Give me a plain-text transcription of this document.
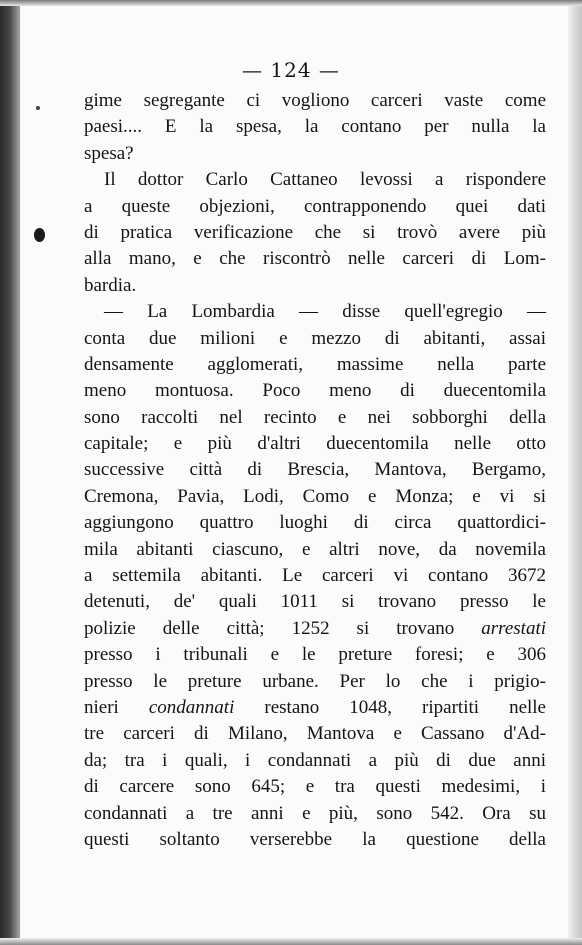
— 124 —
gime segregante ci vogliono carceri vaste come
paesi.... E la spesa, la contano per nulla la
spesa?
Il dottor Carlo Cattaneo levossi a rispondere
a queste objezioni, contrapponendo quei dati
di pratica verificazione che si trovò avere più
alla mano, e che riscontrò nelle carceri di Lom-
bardia.
— La Lombardia — disse quell'egregio —
conta due milioni e mezzo di abitanti, assai
densamente agglomerati, massime nella parte
meno montuosa. Poco meno di duecentomila
sono raccolti nel recinto e nei sobborghi della
capitale; e più d'altri duecentomila nelle otto
successive città di Brescia, Mantova, Bergamo,
Cremona, Pavia, Lodi, Como e Monza; e vi si
aggiungono quattro luoghi di circa quattordici-
mila abitanti ciascuno, e altri nove, da novemila
a settemila abitanti. Le carceri vi contano 3672
detenuti, de' quali 1011 si trovano presso le
polizie delle città; 1252 si trovano arrestati
presso i tribunali e le preture foresi; e 306
presso le preture urbane. Per lo che i prigio-
nieri condannati restano 1048, ripartiti nelle
tre carceri di Milano, Mantova e Cassano d'Ad-
da; tra i quali, i condannati a più di due anni
di carcere sono 645; e tra questi medesimi, i
condannati a tre anni e più, sono 542. Ora su
questi soltanto verserebbe la questione della
